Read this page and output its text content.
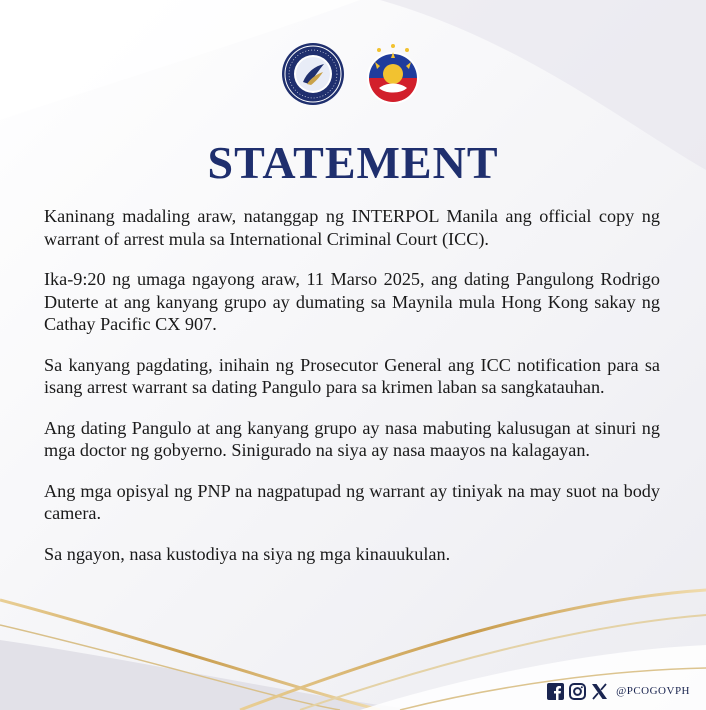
STATEMENT

Kaninang madaling araw, natanggap ng INTERPOL Manila ang official copy ng warrant of arrest mula sa International Criminal Court (ICC).

Ika-9:20 ng umaga ngayong araw, 11 Marso 2025, ang dating Pangulong Rodrigo Duterte at ang kanyang grupo ay dumating sa Maynila mula Hong Kong sakay ng Cathay Pacific CX 907.

Sa kanyang pagdating, inihain ng Prosecutor General ang ICC notification para sa isang arrest warrant sa dating Pangulo para sa krimen laban sa sangkatauhan.

Ang dating Pangulo at ang kanyang grupo ay nasa mabuting kalusugan at sinuri ng mga doctor ng gobyerno. Sinigurado na siya ay nasa maayos na kalagayan.

Ang mga opisyal ng PNP na nagpatupad ng warrant ay tiniyak na may suot na body camera.

Sa ngayon, nasa kustodiya na siya ng mga kinauukulan.

@PCOGOVPH
